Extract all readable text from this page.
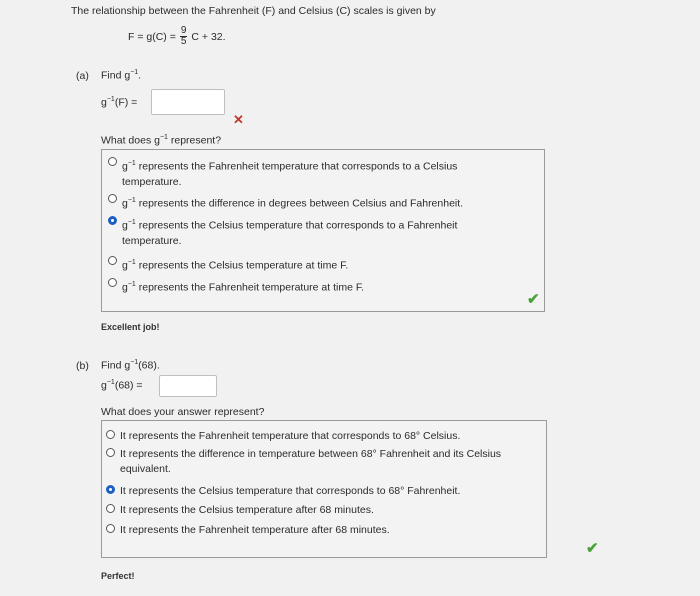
The relationship between the Fahrenheit (F) and Celsius (C) scales is given by
$F = g(C) = \frac{9}{5}$ C + 32.
(a) Find $g^{-1}$.
$g^{-1}(F)$ =
✕
What does $g^{-1}$ represent?
$g^{-1}$ represents the Fahrenheit temperature that corresponds to a Celsius
temperature.
$g^{-1}$ represents the difference in degrees between Celsius and Fahrenheit.
$g^{-1}$ represents the Celsius temperature that corresponds to a Fahrenheit
temperature.
$g^{-1}$ represents the Celsius temperature at time F.
$g^{-1}$ represents the Fahrenheit temperature at time F.
✔
Excellent job!
(b) Find $g^{-1}(68)$.
$g^{-1}(68)$ =
What does your answer represent?
It represents the Fahrenheit temperature that corresponds to 68° Celsius.
It represents the difference in temperature between 68° Fahrenheit and its Celsius
equivalent.
It represents the Celsius temperature that corresponds to 68° Fahrenheit.
It represents the Celsius temperature after 68 minutes.
It represents the Fahrenheit temperature after 68 minutes.
✔
Perfect!
